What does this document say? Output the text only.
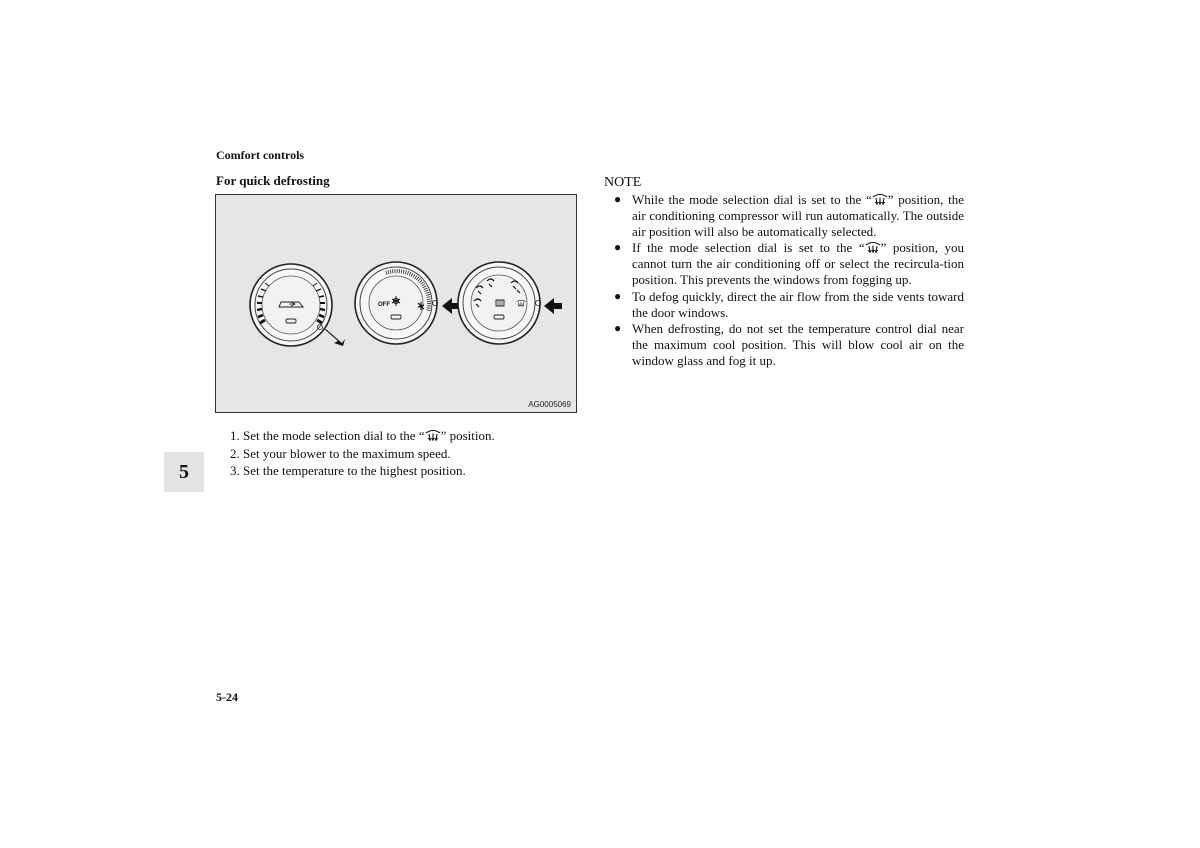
Comfort controls
For quick defrosting
OFF
AG0005069
1. Set the mode selection dial to the “ ” position.
2. Set your blower to the maximum speed.
3. Set the temperature to the highest position.
5
5-24
NOTE
● While the mode selection dial is set to the “ ” position, the air conditioning compressor will run automatically. The outside air position will also be automatically selected.
● If the mode selection dial is set to the “ ” position, you cannot turn the air conditioning off or select the recircula-tion position. This prevents the windows from fogging up.
● To defog quickly, direct the air flow from the side vents toward the door windows.
● When defrosting, do not set the temperature control dial near the maximum cool position. This will blow cool air on the window glass and fog it up.
